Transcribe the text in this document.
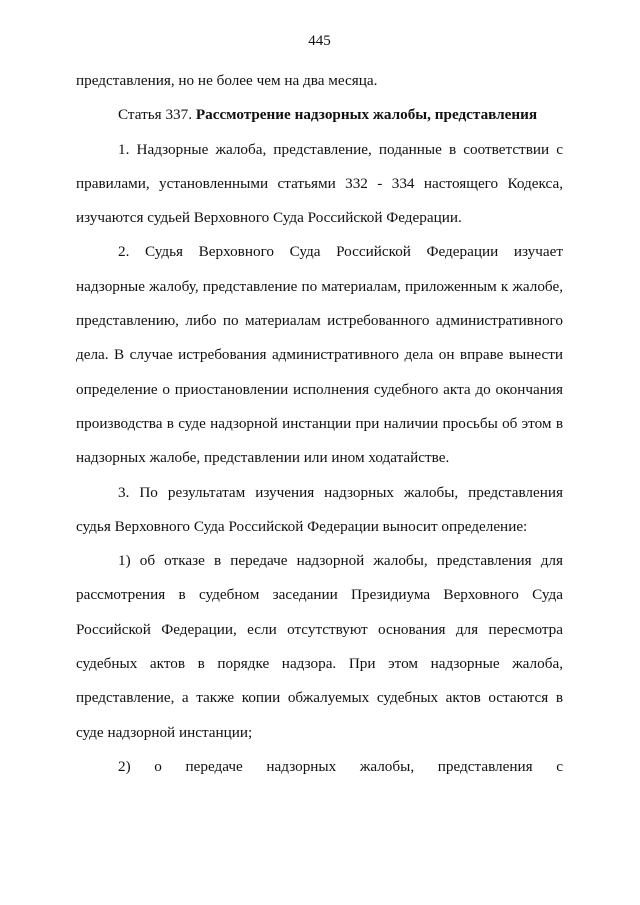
445

представления, но не более чем на два месяца.

Статья 337. Рассмотрение надзорных жалобы, представления

1. Надзорные жалоба, представление, поданные в соответствии с правилами, установленными статьями 332 - 334 настоящего Кодекса, изучаются судьей Верховного Суда Российской Федерации.

2. Судья Верховного Суда Российской Федерации изучает надзорные жалобу, представление по материалам, приложенным к жалобе, представлению, либо по материалам истребованного административного дела. В случае истребования административного дела он вправе вынести определение о приостановлении исполнения судебного акта до окончания производства в суде надзорной инстанции при наличии просьбы об этом в надзорных жалобе, представлении или ином ходатайстве.

3. По результатам изучения надзорных жалобы, представления судья Верховного Суда Российской Федерации выносит определение:

1) об отказе в передаче надзорной жалобы, представления для рассмотрения в судебном заседании Президиума Верховного Суда Российской Федерации, если отсутствуют основания для пересмотра судебных актов в порядке надзора. При этом надзорные жалоба, представление, а также копии обжалуемых судебных актов остаются в суде надзорной инстанции;

2) о передаче надзорных жалобы, представления с
